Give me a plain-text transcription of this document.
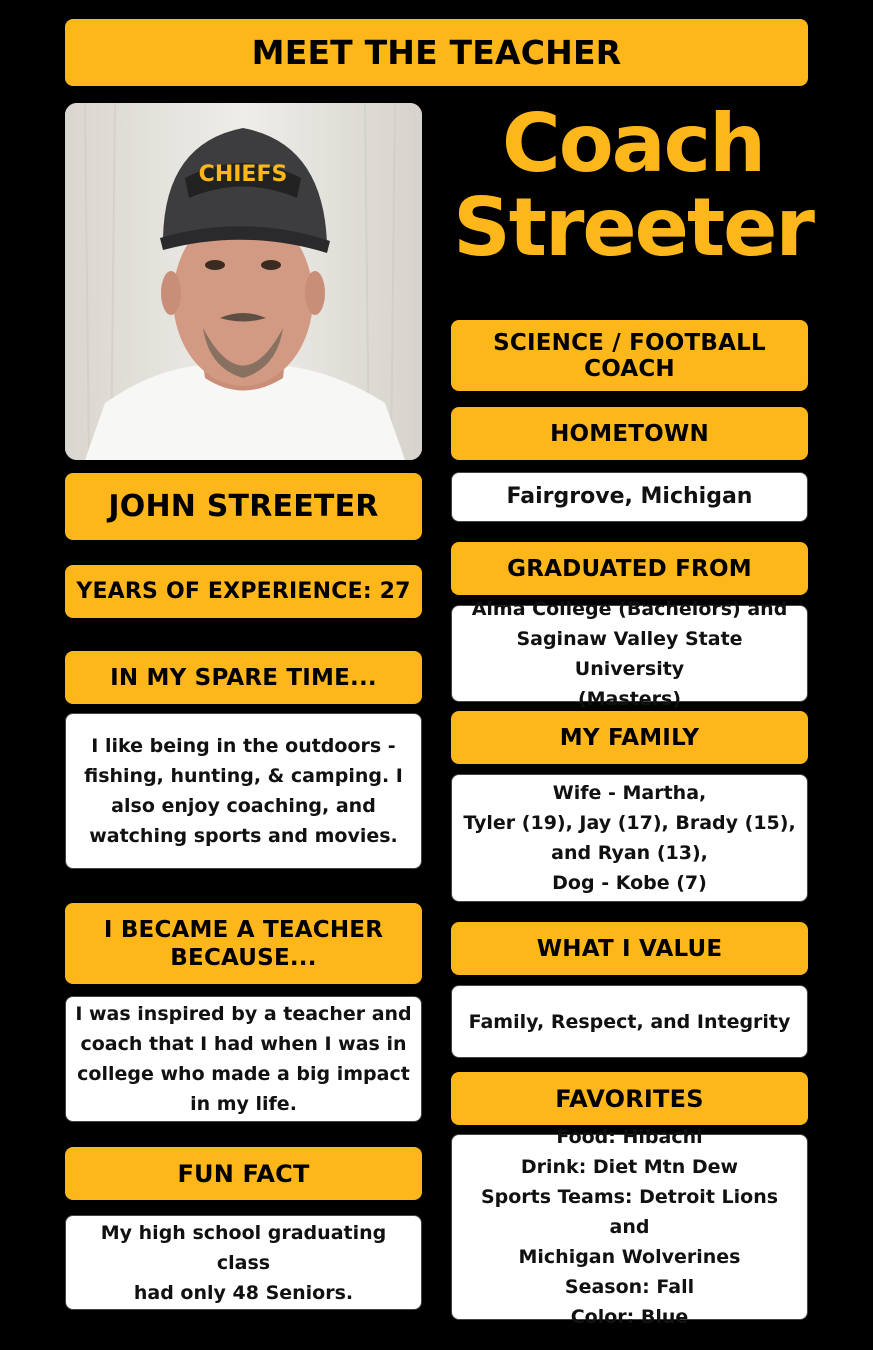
MEET THE TEACHER
CHIEFS	Coach
Streeter
SCIENCE / FOOTBALL COACH
JOHN STREETER
YEARS OF EXPERIENCE: 27
IN MY SPARE TIME...
I like being in the outdoors -
fishing, hunting, & camping. I
also enjoy coaching, and
watching sports and movies.
I BECAME A TEACHER
BECAUSE...
I was inspired by a teacher and
coach that I had when I was in
college who made a big impact
in my life.
FUN FACT
My high school graduating class
had only 48 Seniors.
HOMETOWN
Fairgrove, Michigan
GRADUATED FROM
Alma College (Bachelors) and
Saginaw Valley State University
(Masters)
MY FAMILY
Wife - Martha,
Tyler (19), Jay (17), Brady (15),
and Ryan (13),
Dog - Kobe (7)
WHAT I VALUE
Family, Respect, and Integrity
FAVORITES
Food: Hibachi
Drink: Diet Mtn Dew
Sports Teams: Detroit Lions and
Michigan Wolverines
Season: Fall
Color: Blue
